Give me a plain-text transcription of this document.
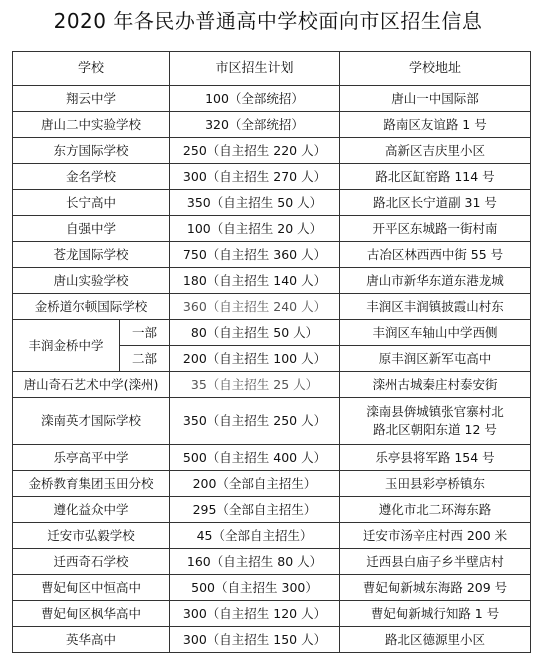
2020 年各民办普通高中学校面向市区招生信息
学校		市区招生计划	学校地址
翔云中学		100（全部统招）	唐山一中国际部
唐山二中实验学校		320（全部统招）	路南区友谊路 1 号
东方国际学校		250（自主招生 220 人）	高新区吉庆里小区
金名学校		300（自主招生 270 人）	路北区缸窑路 114 号
长宁高中		350（自主招生 50 人）	路北区长宁道副 31 号
自强中学		100（自主招生 20 人）	开平区东城路一街村南
苍龙国际学校		750（自主招生 360 人）	古冶区林西西中街 55 号
唐山实验学校		180（自主招生 140 人）	唐山市新华东道东港龙城
金桥道尔顿国际学校		360（自主招生 240 人）	丰润区丰润镇披霞山村东
丰润金桥中学	一部	80（自主招生 50 人）	丰润区车轴山中学西侧
	二部	200（自主招生 100 人）	原丰润区新军屯高中
唐山奇石艺术中学(滦州)		35（自主招生 25 人）	滦州古城秦庄村泰安街
滦南英才国际学校		350（自主招生 250 人）	滦南县倴城镇张官寨村北
路北区朝阳东道 12 号
乐亭高平中学		500（自主招生 400 人）	乐亭县将军路 154 号
金桥教育集团玉田分校		200（全部自主招生）	玉田县彩亭桥镇东
遵化益众中学		295（全部自主招生）	遵化市北二环海东路
迁安市弘毅学校		45（全部自主招生）	迁安市汤辛庄村西 200 米
迁西奇石学校		160（自主招生 80 人）	迁西县白庙子乡半壁店村
曹妃甸区中恒高中		500（自主招生 300）	曹妃甸新城东海路 209 号
曹妃甸区枫华高中		300（自主招生 120 人）	曹妃甸新城行知路 1 号
英华高中		300（自主招生 150 人）	路北区德源里小区
